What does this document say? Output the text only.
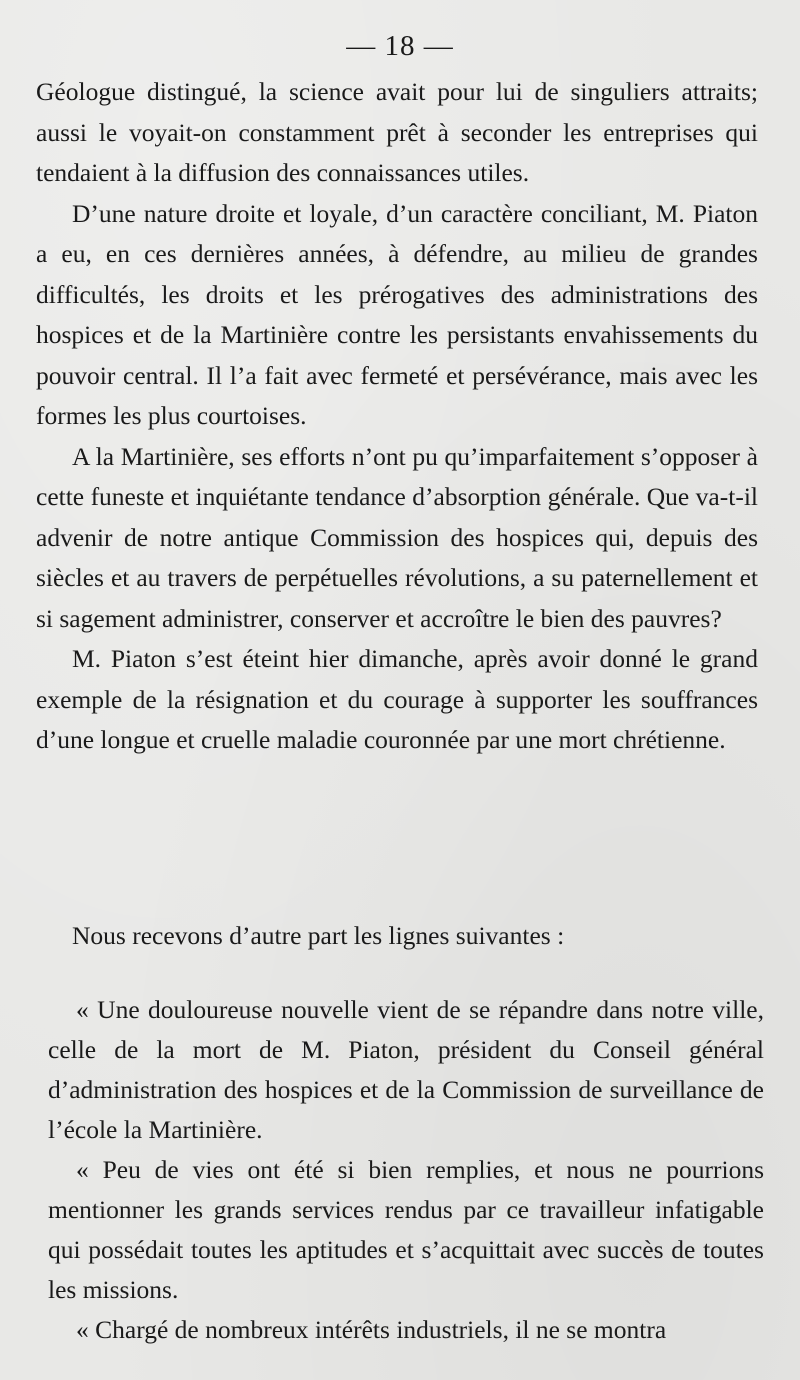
— 18 —

Géologue distingué, la science avait pour lui de singuliers attraits; aussi le voyait-on constamment prêt à seconder les entreprises qui tendaient à la diffusion des connaissances utiles.

D’une nature droite et loyale, d’un caractère conciliant, M. Piaton a eu, en ces dernières années, à défendre, au milieu de grandes difficultés, les droits et les prérogatives des administrations des hospices et de la Martinière contre les persistants envahissements du pouvoir central. Il l’a fait avec fermeté et persévérance, mais avec les formes les plus courtoises.

A la Martinière, ses efforts n’ont pu qu’imparfaitement s’opposer à cette funeste et inquiétante tendance d’absorption générale. Que va-t-il advenir de notre antique Commission des hospices qui, depuis des siècles et au travers de perpétuelles révolutions, a su paternellement et si sagement administrer, conserver et accroître le bien des pauvres?

M. Piaton s’est éteint hier dimanche, après avoir donné le grand exemple de la résignation et du courage à supporter les souffrances d’une longue et cruelle maladie couronnée par une mort chrétienne.

Nous recevons d’autre part les lignes suivantes :

« Une douloureuse nouvelle vient de se répandre dans notre ville, celle de la mort de M. Piaton, président du Conseil général d’administration des hospices et de la Commission de surveillance de l’école la Martinière.

« Peu de vies ont été si bien remplies, et nous ne pourrions mentionner les grands services rendus par ce travailleur infatigable qui possédait toutes les aptitudes et s’acquittait avec succès de toutes les missions.

« Chargé de nombreux intérêts industriels, il ne se montra
